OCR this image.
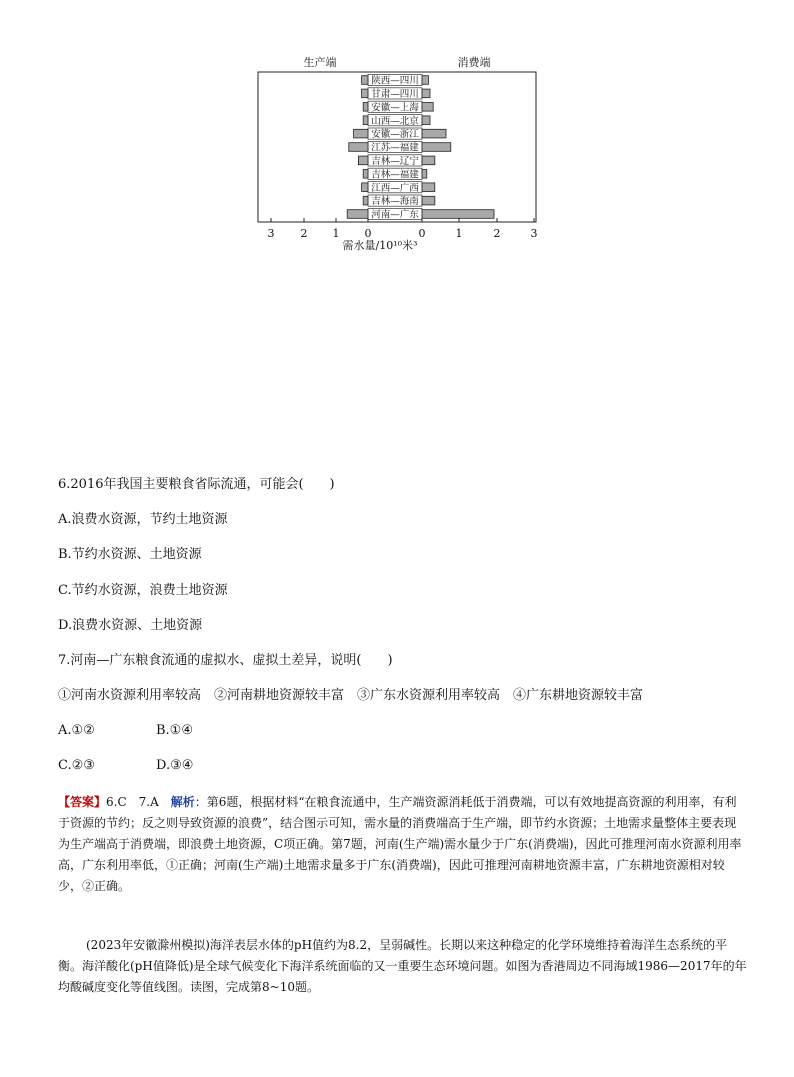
生产端	消费端
陕西—四川
甘肃—四川
安徽—上海
山西—北京
安徽—浙江
江苏—福建
吉林—辽宁
吉林—福建
江西—广西
吉林—海南
河南—广东
3 2 1 0	0	1	2	3
需水量/10¹⁰米³

6.2016年我国主要粮食省际流通，可能会(　　)

A.浪费水资源，节约土地资源

B.节约水资源、土地资源

C.节约水资源，浪费土地资源

D.浪费水资源、土地资源

7.河南—广东粮食流通的虚拟水、虚拟土差异，说明(　　)

①河南水资源利用率较高　②河南耕地资源较丰富　③广东水资源利用率较高　④广东耕地资源较丰富

A.①②	B.①④

C.②③	D.③④

【答案】6.C　7.A　解析：第6题，根据材料“在粮食流通中，生产端资源消耗低于消费端，可以有效地提高资源的利用率，有利于资源的节约；反之则导致资源的浪费”，结合图示可知，需水量的消费端高于生产端，即节约水资源；土地需求量整体主要表现为生产端高于消费端，即浪费土地资源，C项正确。第7题，河南(生产端)需水量少于广东(消费端)，因此可推理河南水资源利用率高，广东利用率低，①正确；河南(生产端)土地需求量多于广东(消费端)，因此可推理河南耕地资源丰富，广东耕地资源相对较少，②正确。

(2023年安徽滁州模拟)海洋表层水体的pH值约为8.2，呈弱碱性。长期以来这种稳定的化学环境维持着海洋生态系统的平衡。海洋酸化(pH值降低)是全球气候变化下海洋系统面临的又一重要生态环境问题。如图为香港周边不同海域1986—2017年的年均酸碱度变化等值线图。读图，完成第8~10题。
